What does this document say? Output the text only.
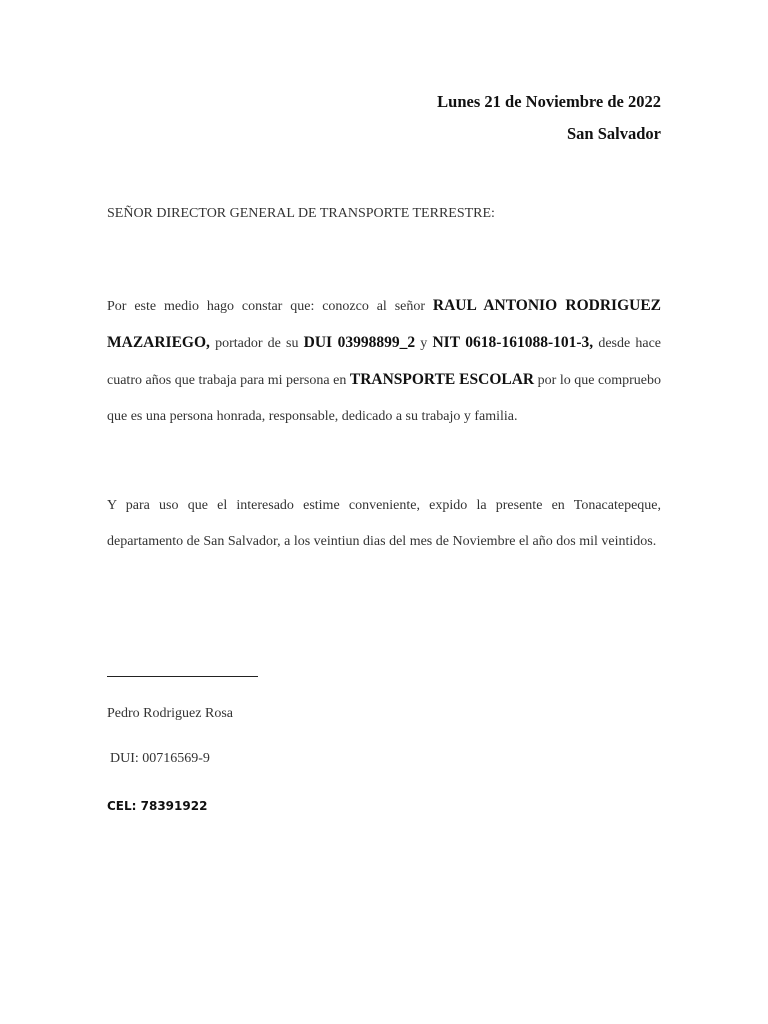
Lunes 21 de Noviembre de 2022
San Salvador
SEÑOR DIRECTOR GENERAL DE TRANSPORTE TERRESTRE:
Por este medio hago constar que: conozco al señor RAUL ANTONIO RODRIGUEZ MAZARIEGO, portador de su DUI 03998899_2 y NIT 0618-161088-101-3, desde hace cuatro años que trabaja para mi persona en TRANSPORTE ESCOLAR por lo que compruebo que es una persona honrada, responsable, dedicado a su trabajo y familia.
Y para uso que el interesado estime conveniente, expido la presente en Tonacatepeque, departamento de San Salvador, a los veintiun dias del mes de Noviembre el año dos mil veintidos.
Pedro Rodriguez Rosa
DUI: 00716569-9
CEL: 78391922
